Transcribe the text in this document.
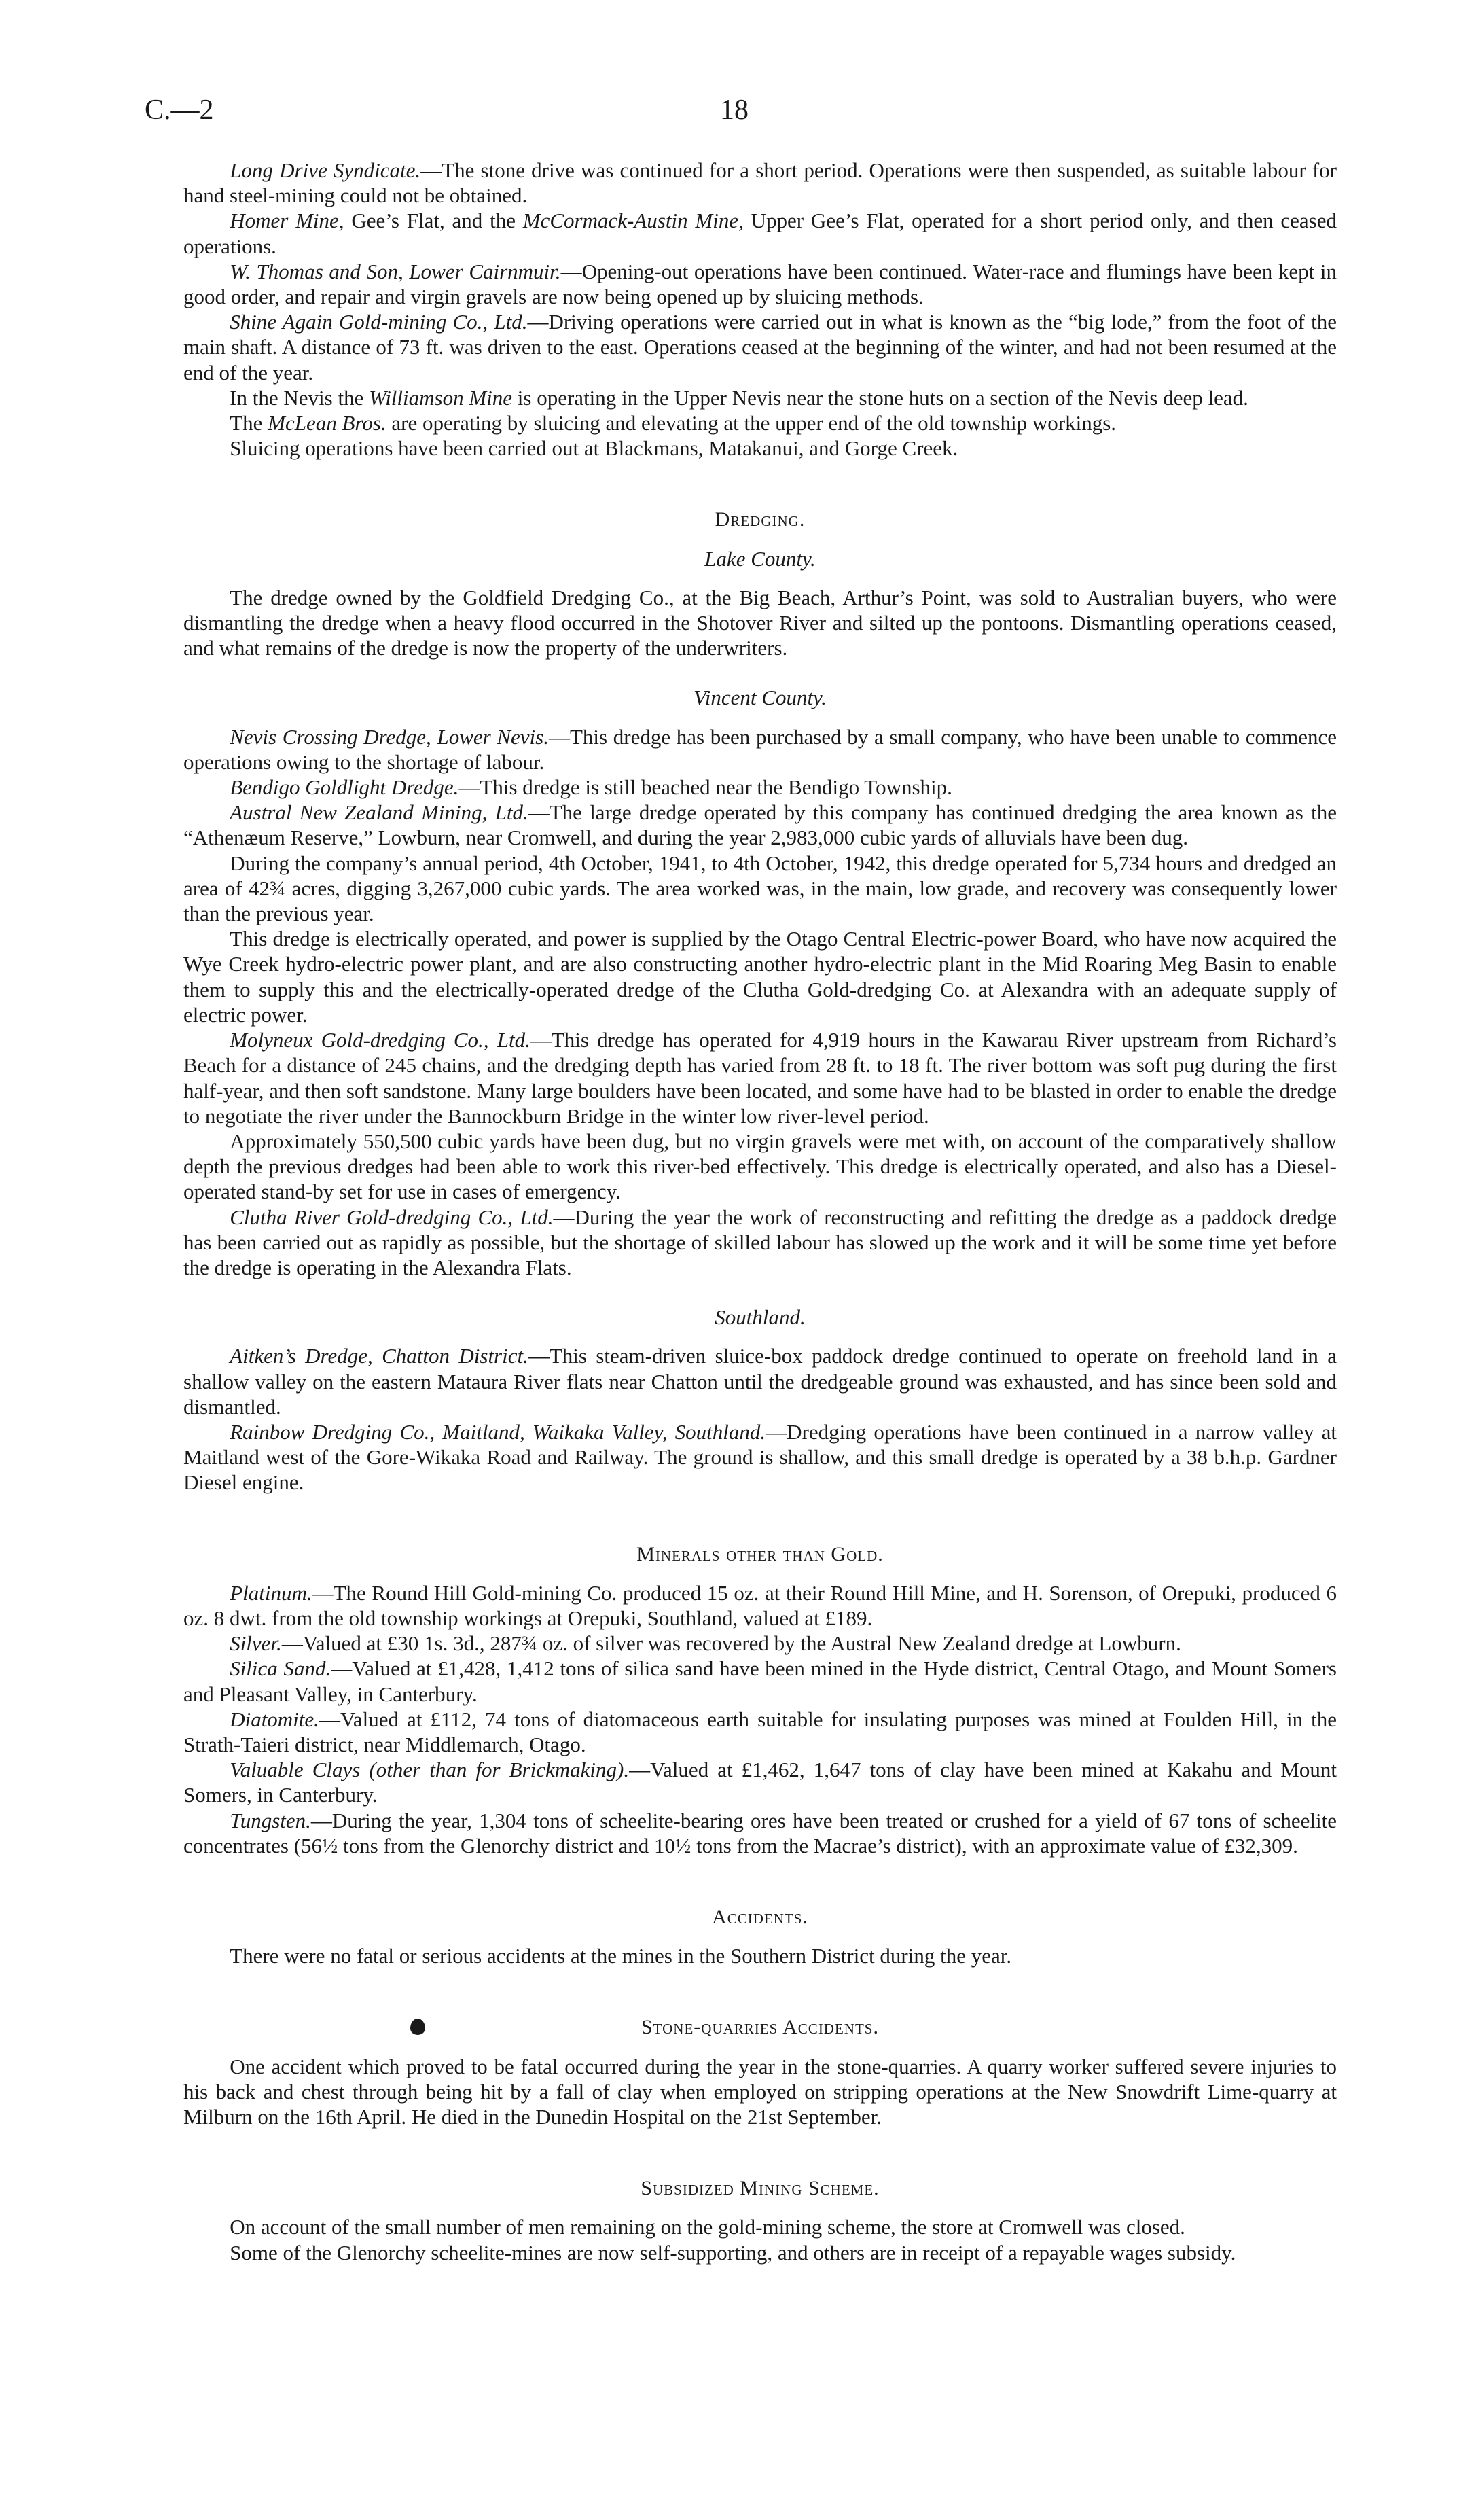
C.—2	18

Long Drive Syndicate.—The stone drive was continued for a short period. Operations were then suspended, as suitable labour for hand steel-mining could not be obtained.

Homer Mine, Gee’s Flat, and the McCormack-Austin Mine, Upper Gee’s Flat, operated for a short period only, and then ceased operations.

W. Thomas and Son, Lower Cairnmuir.—Opening-out operations have been continued. Water-race and flumings have been kept in good order, and repair and virgin gravels are now being opened up by sluicing methods.

Shine Again Gold-mining Co., Ltd.—Driving operations were carried out in what is known as the “big lode,” from the foot of the main shaft. A distance of 73 ft. was driven to the east. Operations ceased at the beginning of the winter, and had not been resumed at the end of the year.

In the Nevis the Williamson Mine is operating in the Upper Nevis near the stone huts on a section of the Nevis deep lead.

The McLean Bros. are operating by sluicing and elevating at the upper end of the old township workings.

Sluicing operations have been carried out at Blackmans, Matakanui, and Gorge Creek.

Dredging.
Lake County.

The dredge owned by the Goldfield Dredging Co., at the Big Beach, Arthur’s Point, was sold to Australian buyers, who were dismantling the dredge when a heavy flood occurred in the Shotover River and silted up the pontoons. Dismantling operations ceased, and what remains of the dredge is now the property of the underwriters.

Vincent County.

Nevis Crossing Dredge, Lower Nevis.—This dredge has been purchased by a small company, who have been unable to commence operations owing to the shortage of labour.

Bendigo Goldlight Dredge.—This dredge is still beached near the Bendigo Township.

Austral New Zealand Mining, Ltd.—The large dredge operated by this company has continued dredging the area known as the “Athenæum Reserve,” Lowburn, near Cromwell, and during the year 2,983,000 cubic yards of alluvials have been dug.

During the company’s annual period, 4th October, 1941, to 4th October, 1942, this dredge operated for 5,734 hours and dredged an area of 42¾ acres, digging 3,267,000 cubic yards. The area worked was, in the main, low grade, and recovery was consequently lower than the previous year.

This dredge is electrically operated, and power is supplied by the Otago Central Electric-power Board, who have now acquired the Wye Creek hydro-electric power plant, and are also constructing another hydro-electric plant in the Mid Roaring Meg Basin to enable them to supply this and the electrically-operated dredge of the Clutha Gold-dredging Co. at Alexandra with an adequate supply of electric power.

Molyneux Gold-dredging Co., Ltd.—This dredge has operated for 4,919 hours in the Kawarau River upstream from Richard’s Beach for a distance of 245 chains, and the dredging depth has varied from 28 ft. to 18 ft. The river bottom was soft pug during the first half-year, and then soft sandstone. Many large boulders have been located, and some have had to be blasted in order to enable the dredge to negotiate the river under the Bannockburn Bridge in the winter low river-level period.

Approximately 550,500 cubic yards have been dug, but no virgin gravels were met with, on account of the comparatively shallow depth the previous dredges had been able to work this river-bed effectively. This dredge is electrically operated, and also has a Diesel-operated stand-by set for use in cases of emergency.

Clutha River Gold-dredging Co., Ltd.—During the year the work of reconstructing and refitting the dredge as a paddock dredge has been carried out as rapidly as possible, but the shortage of skilled labour has slowed up the work and it will be some time yet before the dredge is operating in the Alexandra Flats.

Southland.

Aitken’s Dredge, Chatton District.—This steam-driven sluice-box paddock dredge continued to operate on freehold land in a shallow valley on the eastern Mataura River flats near Chatton until the dredgeable ground was exhausted, and has since been sold and dismantled.

Rainbow Dredging Co., Maitland, Waikaka Valley, Southland.—Dredging operations have been continued in a narrow valley at Maitland west of the Gore-Wikaka Road and Railway. The ground is shallow, and this small dredge is operated by a 38 b.h.p. Gardner Diesel engine.

Minerals other than Gold.

Platinum.—The Round Hill Gold-mining Co. produced 15 oz. at their Round Hill Mine, and H. Sorenson, of Orepuki, produced 6 oz. 8 dwt. from the old township workings at Orepuki, Southland, valued at £189.

Silver.—Valued at £30 1s. 3d., 287¾ oz. of silver was recovered by the Austral New Zealand dredge at Lowburn.

Silica Sand.—Valued at £1,428, 1,412 tons of silica sand have been mined in the Hyde district, Central Otago, and Mount Somers and Pleasant Valley, in Canterbury.

Diatomite.—Valued at £112, 74 tons of diatomaceous earth suitable for insulating purposes was mined at Foulden Hill, in the Strath-Taieri district, near Middlemarch, Otago.

Valuable Clays (other than for Brickmaking).—Valued at £1,462, 1,647 tons of clay have been mined at Kakahu and Mount Somers, in Canterbury.

Tungsten.—During the year, 1,304 tons of scheelite-bearing ores have been treated or crushed for a yield of 67 tons of scheelite concentrates (56½ tons from the Glenorchy district and 10½ tons from the Macrae’s district), with an approximate value of £32,309.

Accidents.

There were no fatal or serious accidents at the mines in the Southern District during the year.

Stone-quarries Accidents.

One accident which proved to be fatal occurred during the year in the stone-quarries. A quarry worker suffered severe injuries to his back and chest through being hit by a fall of clay when employed on stripping operations at the New Snowdrift Lime-quarry at Milburn on the 16th April. He died in the Dunedin Hospital on the 21st September.

Subsidized Mining Scheme.

On account of the small number of men remaining on the gold-mining scheme, the store at Cromwell was closed.

Some of the Glenorchy scheelite-mines are now self-supporting, and others are in receipt of a repayable wages subsidy.
